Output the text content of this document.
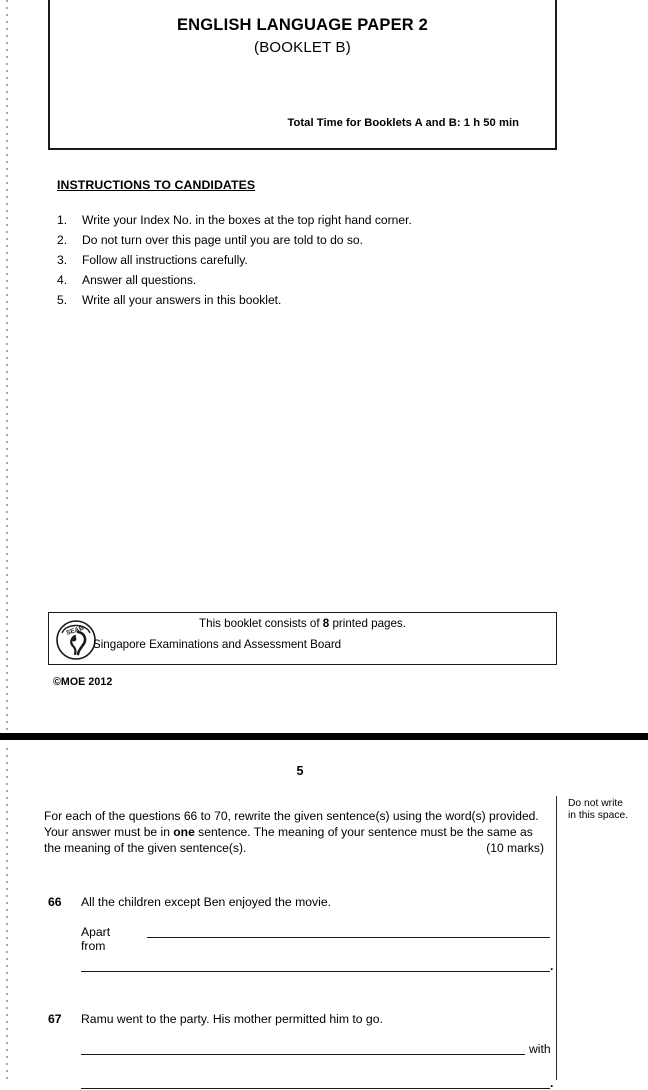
ENGLISH LANGUAGE PAPER 2
(BOOKLET B)
Total Time for Booklets A and B: 1 h 50 min
INSTRUCTIONS TO CANDIDATES
1. Write your Index No. in the boxes at the top right hand corner.
2. Do not turn over this page until you are told to do so.
3. Follow all instructions carefully.
4. Answer all questions.
5. Write all your answers in this booklet.
SEAB
This booklet consists of 8 printed pages.
Singapore Examinations and Assessment Board
©MOE 2012
5
Do not write in this space.
For each of the questions 66 to 70, rewrite the given sentence(s) using the word(s) provided.
Your answer must be in one sentence. The meaning of your sentence must be the same as
the meaning of the given sentence(s).	(10 marks)
66 All the children except Ben enjoyed the movie.
Apart from
.
67 Ramu went to the party. His mother permitted him to go.
with
.
